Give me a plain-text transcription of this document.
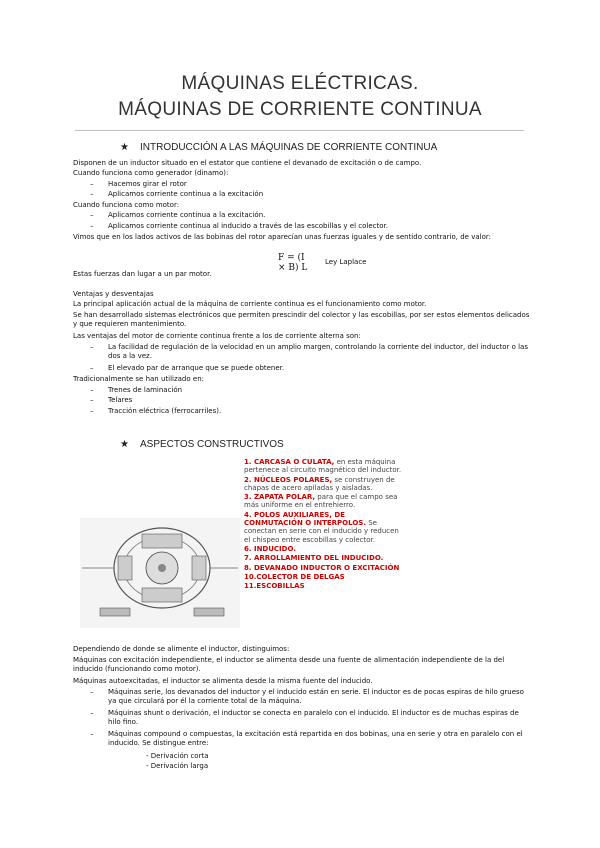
MÁQUINAS ELÉCTRICAS.
MÁQUINAS DE CORRIENTE CONTINUA
★ INTRODUCCIÓN A LAS MÁQUINAS DE CORRIENTE CONTINUA
Disponen de un inductor situado en el estator que contiene el devanado de excitación o de campo.
Cuando funciona como generador (dinamo):
– Hacemos girar el rotor
– Aplicamos corriente continua a la excitación
Cuando funciona como motor:
– Aplicamos corriente continua a la excitación.
– Aplicamos corriente continua al inducido a través de las escobillas y el colector.
Vimos que en los lados activos de las bobinas del rotor aparecían unas fuerzas iguales y de sentido contrario, de valor:
F = (I × B) L
Ley Laplace
Estas fuerzas dan lugar a un par motor.
Ventajas y desventajas
La principal aplicación actual de la máquina de corriente continua es el funcionamiento como motor.
Se han desarrollado sistemas electrónicos que permiten prescindir del colector y las escobillas, por ser estos elementos delicados y que requieren mantenimiento.
Las ventajas del motor de corriente continua frente a los de corriente alterna son:
– La facilidad de regulación de la velocidad en un amplio margen, controlando la corriente del inductor, del inductor o las dos a la vez.
– El elevado par de arranque que se puede obtener.
Tradicionalmente se han utilizado en:
– Trenes de laminación
– Telares
– Tracción eléctrica (ferrocarriles).
★ ASPECTOS CONSTRUCTIVOS
1. CARCASA O CULATA, en esta máquina pertenece al circuito magnético del inductor.
2. NÚCLEOS POLARES, se construyen de chapas de acero apiladas y aisladas.
3. ZAPATA POLAR, para que el campo sea más uniforme en el entrehierro.
4. POLOS AUXILIARES, DE CONMUTACIÓN O INTERPOLOS. Se conectan en serie con el inducido y reducen el chispeo entre escobillas y colector.
6. INDUCIDO.
7. ARROLLAMIENTO DEL INDUCIDO.
8. DEVANADO INDUCTOR O EXCITACIÓN
10.COLECTOR DE DELGAS
11.ESCOBILLAS
Dependiendo de donde se alimente el inductor, distinguimos:
Máquinas con excitación independiente, el inductor se alimenta desde una fuente de alimentación independiente de la del inducido (funcionando como motor).
Máquinas autoexcitadas, el inductor se alimenta desde la misma fuente del inducido.
– Máquinas serie, los devanados del inductor y el inducido están en serie. El inductor es de pocas espiras de hilo grueso ya que circulará por él la corriente total de la máquina.
– Máquinas shunt o derivación, el inductor se conecta en paralelo con el inducido. El inductor es de muchas espiras de hilo fino.
– Máquinas compound o compuestas, la excitación está repartida en dos bobinas, una en serie y otra en paralelo con el inducido. Se distingue entre:
- Derivación corta
- Derivación larga
